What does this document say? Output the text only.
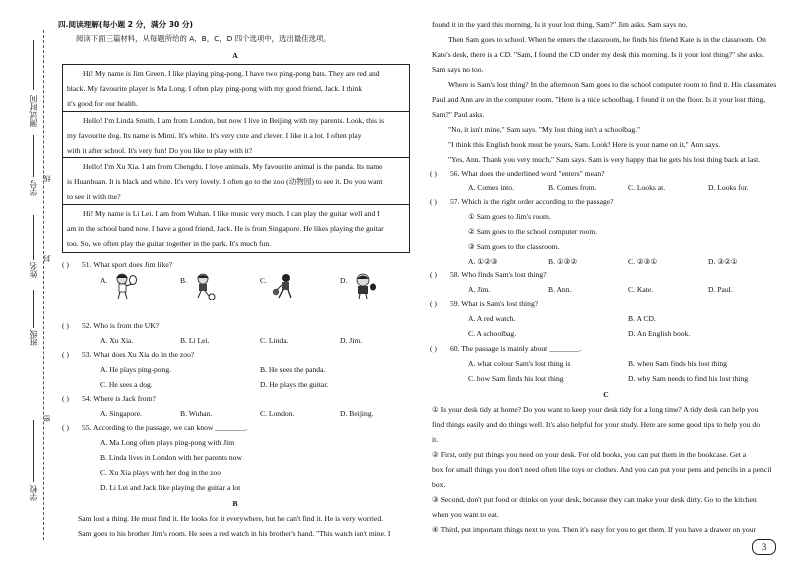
测试时间
学号
姓名
班级
学校
封
线
密
四.阅读理解(每小题 2 分，满分 30 分)
阅读下面三篇材料，从每题所给的 A，B，C，D 四个选项中，选出最佳选项。
A
Hi! My name is Jim Green. I like playing ping-pong. I have two ping-pong bats. They are red and
black. My favourite player is Ma Long. I often play ping-pong with my good friend, Jack. I think
it's good for our health.
Hello! I'm Linda Smith. I am from London, but now I live in Beijing with my parents. Look, this is
my favourite dog. Its name is Mimi. It's white. It's very cute and clever. I like it a lot. I often play
with it after school. It's very fun! Do you like to play with it?
Hello! I'm Xu Xia. I am from Chengdu. I love animals. My favourite animal is the panda. Its name
is Huanhuan. It is black and white. It's very lovely. I often go to the zoo (动物园) to see it. Do you want
to see it with me?
Hi! My name is Li Lei. I am from Wuhan. I like music very much. I can play the guitar well and I
am in the school band now. I have a good friend, Jack. He is from Singapore. He likes playing the guitar
too. So, we often play the guitar together in the park. It's much fun.
( ) 51. What sport does Jim like?
A.	B.	C.	D.
( ) 52. Who is from the UK?
A. Xu Xia.	B. Li Lei.	C. Linda.	D. Jim.
( ) 53. What does Xu Xia do in the zoo?
A. He plays ping-pong.	B. He sees the panda.
C. He sees a dog.	D. He plays the guitar.
( ) 54. Where is Jack from?
A. Singapore.	B. Wuhan.	C. London.	D. Beijing.
( ) 55. According to the passage, we can know ________.
A. Ma Long often plays ping-pong with Jim
B. Linda lives in London with her parents now
C. Xu Xia plays with her dog in the zoo
D. Li Lei and Jack like playing the guitar a lot
B
Sam lost a thing. He must find it. He looks for it everywhere, but he can't find it. He is very worried.
Sam goes to his brother Jim's room. He sees a red watch in his brother's hand. "This watch isn't mine. I
found it in the yard this morning. Is it your lost thing, Sam?" Jim asks. Sam says no.
Then Sam goes to school. When he enters the classroom, he finds his friend Kate is in the classroom. On
Kate's desk, there is a CD. "Sam, I found the CD under my desk this morning. Is it your lost thing?" she asks.
Sam says no too.
Where is Sam's lost thing? In the afternoon Sam goes to the school computer room to find it. His classmates
Paul and Ann are in the computer room. "Here is a nice schoolbag. I found it on the floor. Is it your lost thing,
Sam?" Paul asks.
"No, it isn't mine," Sam says. "My lost thing isn't a schoolbag."
"I think this English book must be yours, Sam. Look! Here is your name on it," Ann says.
"Yes, Ann. Thank you very much," Sam says. Sam is very happy that he gets his lost thing back at last.
( ) 56. What does the underlined word "enters" mean?
A. Comes into.	B. Comes from.	C. Looks at.	D. Looks for.
( ) 57. Which is the right order according to the passage?
① Sam goes to Jim's room.
② Sam goes to the school computer room.
③ Sam goes to the classroom.
A. ①②③	B. ①③②	C. ②③①	D. ③②①
( ) 58. Who finds Sam's lost thing?
A. Jim.	B. Ann.	C. Kate.	D. Paul.
( ) 59. What is Sam's lost thing?
A. A red watch.	B. A CD.
C. A schoolbag.	D. An English book.
( ) 60. The passage is mainly about ________.
A. what colour Sam's lost thing is	B. when Sam finds his lost thing
C. how Sam finds his lost thing	D. why Sam needs to find his lost thing
C
① Is your desk tidy at home? Do you want to keep your desk tidy for a long time? A tidy desk can help you
find things easily and do things well. It's also helpful for your study. Here are some good tips to help you do
it.
② First, only put things you need on your desk. For old books, you can put them in the bookcase. Get a
box for small things you don't need often like toys or clothes. And you can put your pens and pencils in a pencil
box.
③ Second, don't put food or drinks on your desk, because they can make your desk dirty. Go to the kitchen
when you want to eat.
④ Third, put important things next to you. Then it's easy for you to get them. If you have a drawer on your
3
